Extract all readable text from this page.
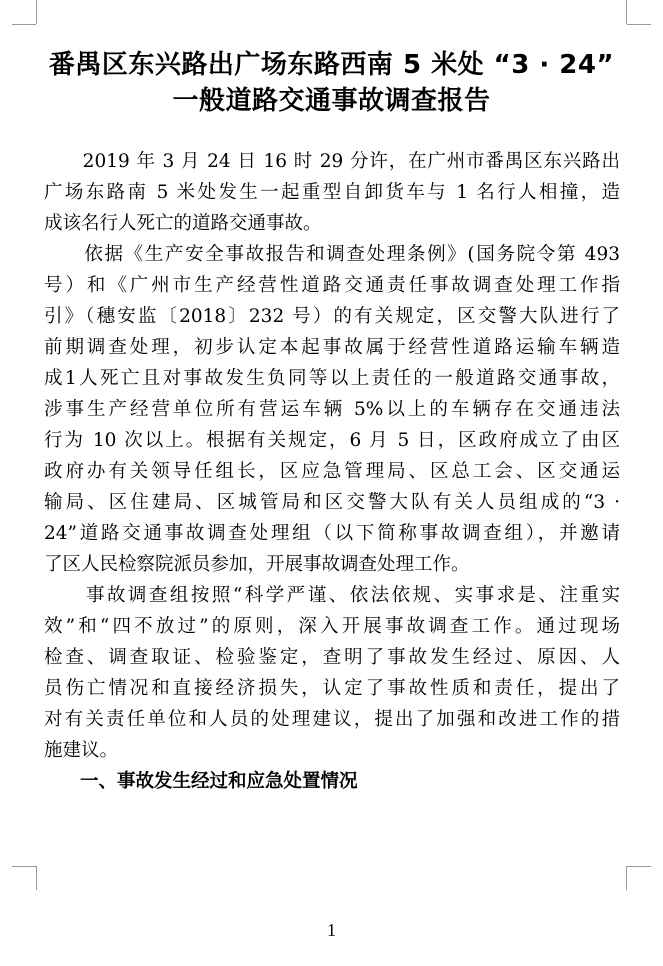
番禺区东兴路出广场东路西南 5 米处 “3 · 24”
一般道路交通事故调查报告
　　2019 年 3 月 24 日 16 时 29 分许，在广州市番禺区东兴路出
广场东路南 5 米处发生一起重型自卸货车与 1 名行人相撞，造
成该名行人死亡的道路交通事故。
　　依据《生产安全事故报告和调查处理条例》(国务院令第 493
号）和《广州市生产经营性道路交通责任事故调查处理工作指
引》（穗安监〔2018〕232 号）的有关规定，区交警大队进行了
前期调查处理，初步认定本起事故属于经营性道路运输车辆造
成1人死亡且对事故发生负同等以上责任的一般道路交通事故，
涉事生产经营单位所有营运车辆 5%以上的车辆存在交通违法
行为 10 次以上。根据有关规定，6 月 5 日，区政府成立了由区
政府办有关领导任组长，区应急管理局、区总工会、区交通运
输局、区住建局、区城管局和区交警大队有关人员组成的“3 ·
24”道路交通事故调查处理组（以下简称事故调查组），并邀请
了区人民检察院派员参加，开展事故调查处理工作。
　　事故调查组按照“科学严谨、依法依规、实事求是、注重实
效”和“四不放过”的原则，深入开展事故调查工作。通过现场
检查、调查取证、检验鉴定，查明了事故发生经过、原因、人
员伤亡情况和直接经济损失，认定了事故性质和责任，提出了
对有关责任单位和人员的处理建议，提出了加强和改进工作的措
施建议。
一、事故发生经过和应急处置情况
1
